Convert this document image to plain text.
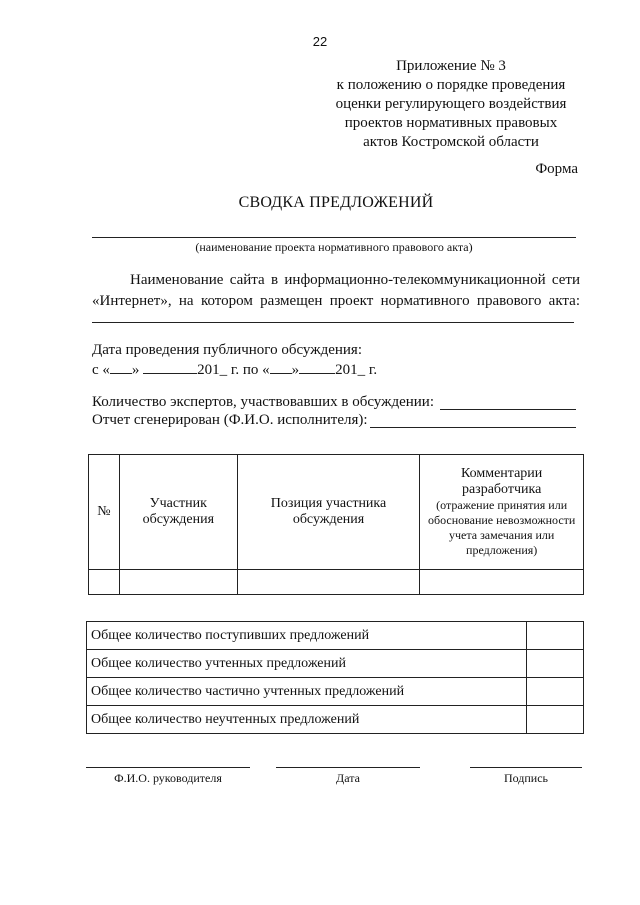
22
Приложение № 3
к положению о порядке проведения
оценки регулирующего воздействия
проектов нормативных правовых
актов Костромской области
Форма
СВОДКА ПРЕДЛОЖЕНИЙ
(наименование проекта нормативного правового акта)
Наименование сайта в информационно-телекоммуникационной сети «Интернет», на котором размещен проект нормативного правового акта:
Дата проведения публичного обсуждения:
с « »	201_ г. по « » 201_ г.
Количество экспертов, участвовавших в обсуждении:
Отчет сгенерирован (Ф.И.О. исполнителя):
№	Участник обсуждения	Позиция участника обсуждения	Комментарии разработчика
(отражение принятия или обоснование невозможности учета замечания или предложения)

Общее количество поступивших предложений	
Общее количество учтенных предложений	
Общее количество частично учтенных предложений	
Общее количество неучтенных предложений	
Ф.И.О. руководителя	Дата	Подпись
